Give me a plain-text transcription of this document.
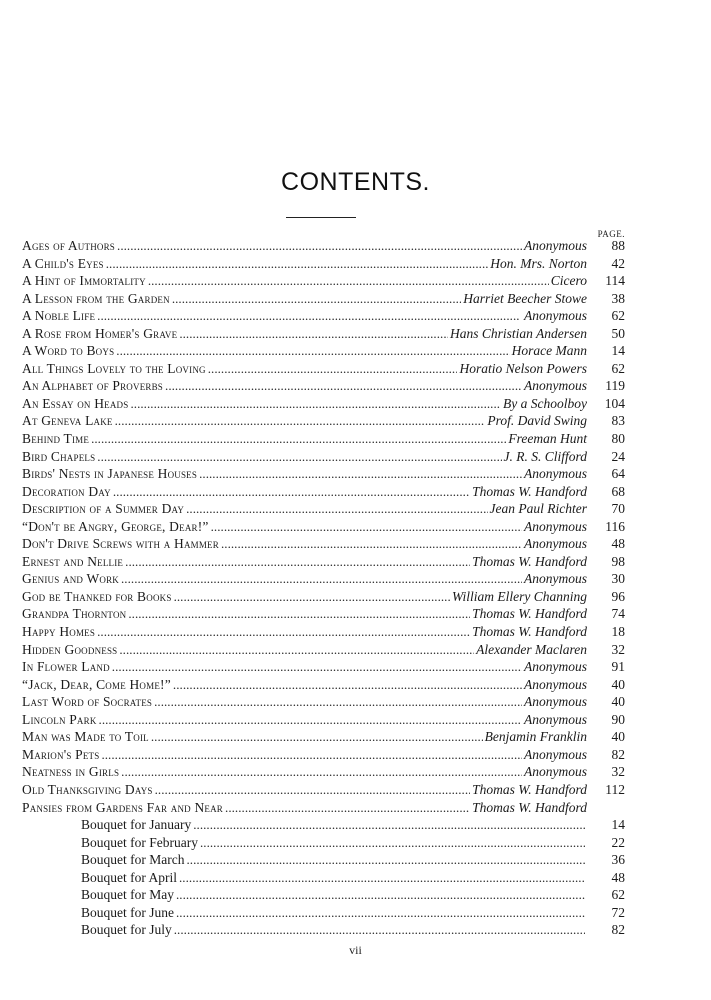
CONTENTS.
PAGE.
Ages of Authors . . .	Anonymous	88
A Child's Eyes . . .	Hon. Mrs. Norton	42
A Hint of Immortality . . .	Cicero	114
A Lesson from the Garden . . .	Harriet Beecher Stowe	38
A Noble Life . . .	Anonymous	62
A Rose from Homer's Grave . . .	Hans Christian Andersen	50
A Word to Boys . . .	Horace Mann	14
All Things Lovely to the Loving . . .	Horatio Nelson Powers	62
An Alphabet of Proverbs . . .	Anonymous	119
An Essay on Heads . . .	By a Schoolboy	104
At Geneva Lake . . .	Prof. David Swing	83
Behind Time . . .	Freeman Hunt	80
Bird Chapels . . .	J. R. S. Clifford	24
Birds' Nests in Japanese Houses . . .	Anonymous	64
Decoration Day . . .	Thomas W. Handford	68
Description of a Summer Day . . .	Jean Paul Richter	70
“Don't be Angry, George, Dear!” . . .	Anonymous	116
Don't Drive Screws with a Hammer . . .	Anonymous	48
Ernest and Nellie . . .	Thomas W. Handford	98
Genius and Work . . .	Anonymous	30
God be Thanked for Books . . .	William Ellery Channing	96
Grandpa Thornton . . .	Thomas W. Handford	74
Happy Homes . . .	Thomas W. Handford	18
Hidden Goodness . . .	Alexander Maclaren	32
In Flower Land . . .	Anonymous	91
“Jack, Dear, Come Home!” . . .	Anonymous	40
Last Word of Socrates . . .	Anonymous	40
Lincoln Park . . .	Anonymous	90
Man was Made to Toil . . .	Benjamin Franklin	40
Marion's Pets . . .	Anonymous	82
Neatness in Girls . . .	Anonymous	32
Old Thanksgiving Days . . .	Thomas W. Handford	112
Pansies from Gardens Far and Near . . .	Thomas W. Handford
Bouquet for January . . .	14
Bouquet for February . . .	22
Bouquet for March . . .	36
Bouquet for April . . .	48
Bouquet for May . . .	62
Bouquet for June . . .	72
Bouquet for July . . .	82
vii
